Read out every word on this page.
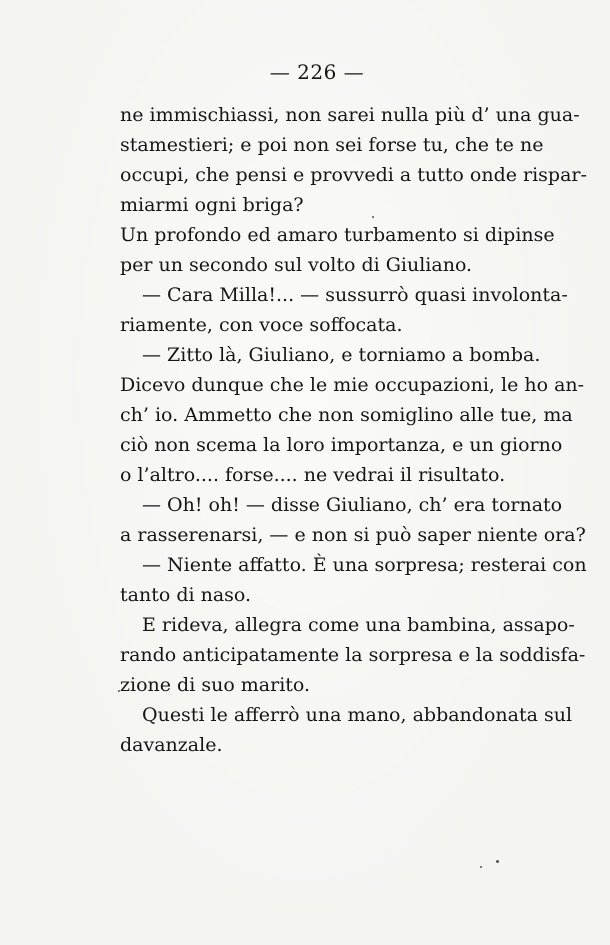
— 226 —
ne immischiassi, non sarei nulla più d’ una gua-
stamestieri; e poi non sei forse tu, che te ne
occupi, che pensi e provvedi a tutto onde rispar-
miarmi ogni briga?
Un profondo ed amaro turbamento si dipinse
per un secondo sul volto di Giuliano.
— Cara Milla!... — sussurrò quasi involonta-
riamente, con voce soffocata.
— Zitto là, Giuliano, e torniamo a bomba.
Dicevo dunque che le mie occupazioni, le ho an-
ch’ io. Ammetto che non somiglino alle tue, ma
ciò non scema la loro importanza, e un giorno
o l’altro.... forse.... ne vedrai il risultato.
— Oh! oh! — disse Giuliano, ch’ era tornato
a rasserenarsi, — e non si può saper niente ora?
— Niente affatto. È una sorpresa; resterai con
tanto di naso.
E rideva, allegra come una bambina, assapo-
rando anticipatamente la sorpresa e la soddisfa-
zione di suo marito.
Questi le afferrò una mano, abbandonata sul
davanzale.
